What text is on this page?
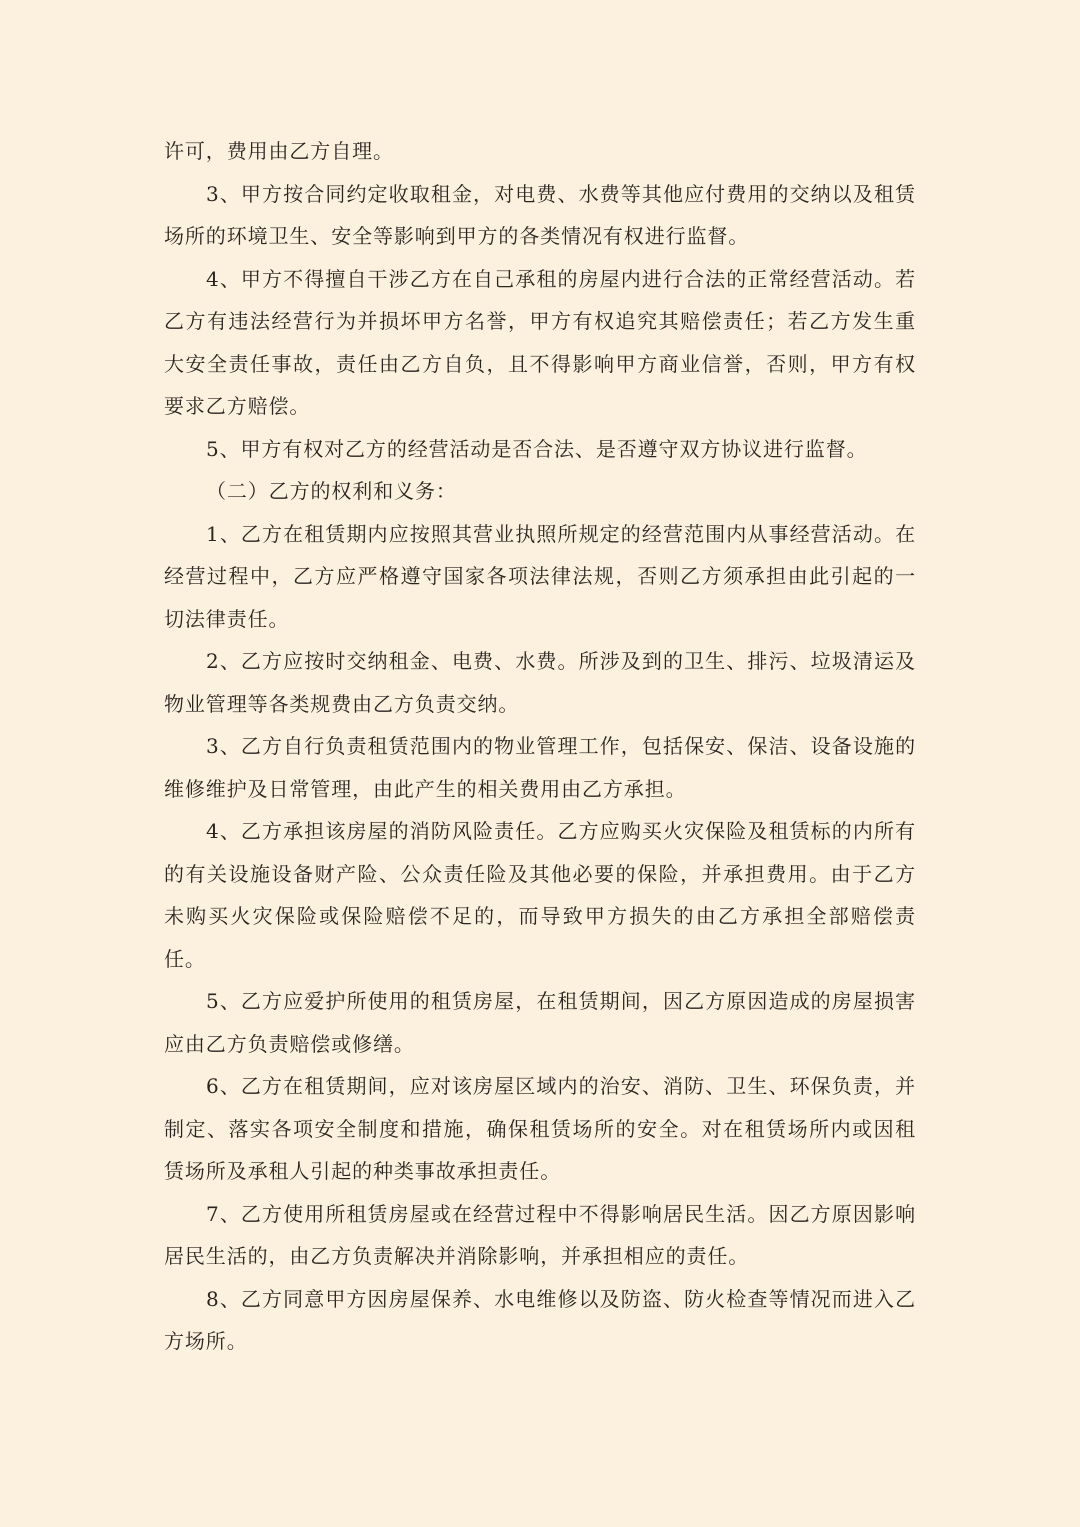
许可，费用由乙方自理。

3、甲方按合同约定收取租金，对电费、水费等其他应付费用的交纳以及租赁场所的环境卫生、安全等影响到甲方的各类情况有权进行监督。

4、甲方不得擅自干涉乙方在自己承租的房屋内进行合法的正常经营活动。若乙方有违法经营行为并损坏甲方名誉，甲方有权追究其赔偿责任；若乙方发生重大安全责任事故，责任由乙方自负，且不得影响甲方商业信誉，否则，甲方有权要求乙方赔偿。

5、甲方有权对乙方的经营活动是否合法、是否遵守双方协议进行监督。

（二）乙方的权利和义务：

1、乙方在租赁期内应按照其营业执照所规定的经营范围内从事经营活动。在经营过程中，乙方应严格遵守国家各项法律法规，否则乙方须承担由此引起的一切法律责任。

2、乙方应按时交纳租金、电费、水费。所涉及到的卫生、排污、垃圾清运及物业管理等各类规费由乙方负责交纳。

3、乙方自行负责租赁范围内的物业管理工作，包括保安、保洁、设备设施的维修维护及日常管理，由此产生的相关费用由乙方承担。

4、乙方承担该房屋的消防风险责任。乙方应购买火灾保险及租赁标的内所有的有关设施设备财产险、公众责任险及其他必要的保险，并承担费用。由于乙方未购买火灾保险或保险赔偿不足的，而导致甲方损失的由乙方承担全部赔偿责任。

5、乙方应爱护所使用的租赁房屋，在租赁期间，因乙方原因造成的房屋损害应由乙方负责赔偿或修缮。

6、乙方在租赁期间，应对该房屋区域内的治安、消防、卫生、环保负责，并制定、落实各项安全制度和措施，确保租赁场所的安全。对在租赁场所内或因租赁场所及承租人引起的种类事故承担责任。

7、乙方使用所租赁房屋或在经营过程中不得影响居民生活。因乙方原因影响居民生活的，由乙方负责解决并消除影响，并承担相应的责任。

8、乙方同意甲方因房屋保养、水电维修以及防盗、防火检查等情况而进入乙方场所。
